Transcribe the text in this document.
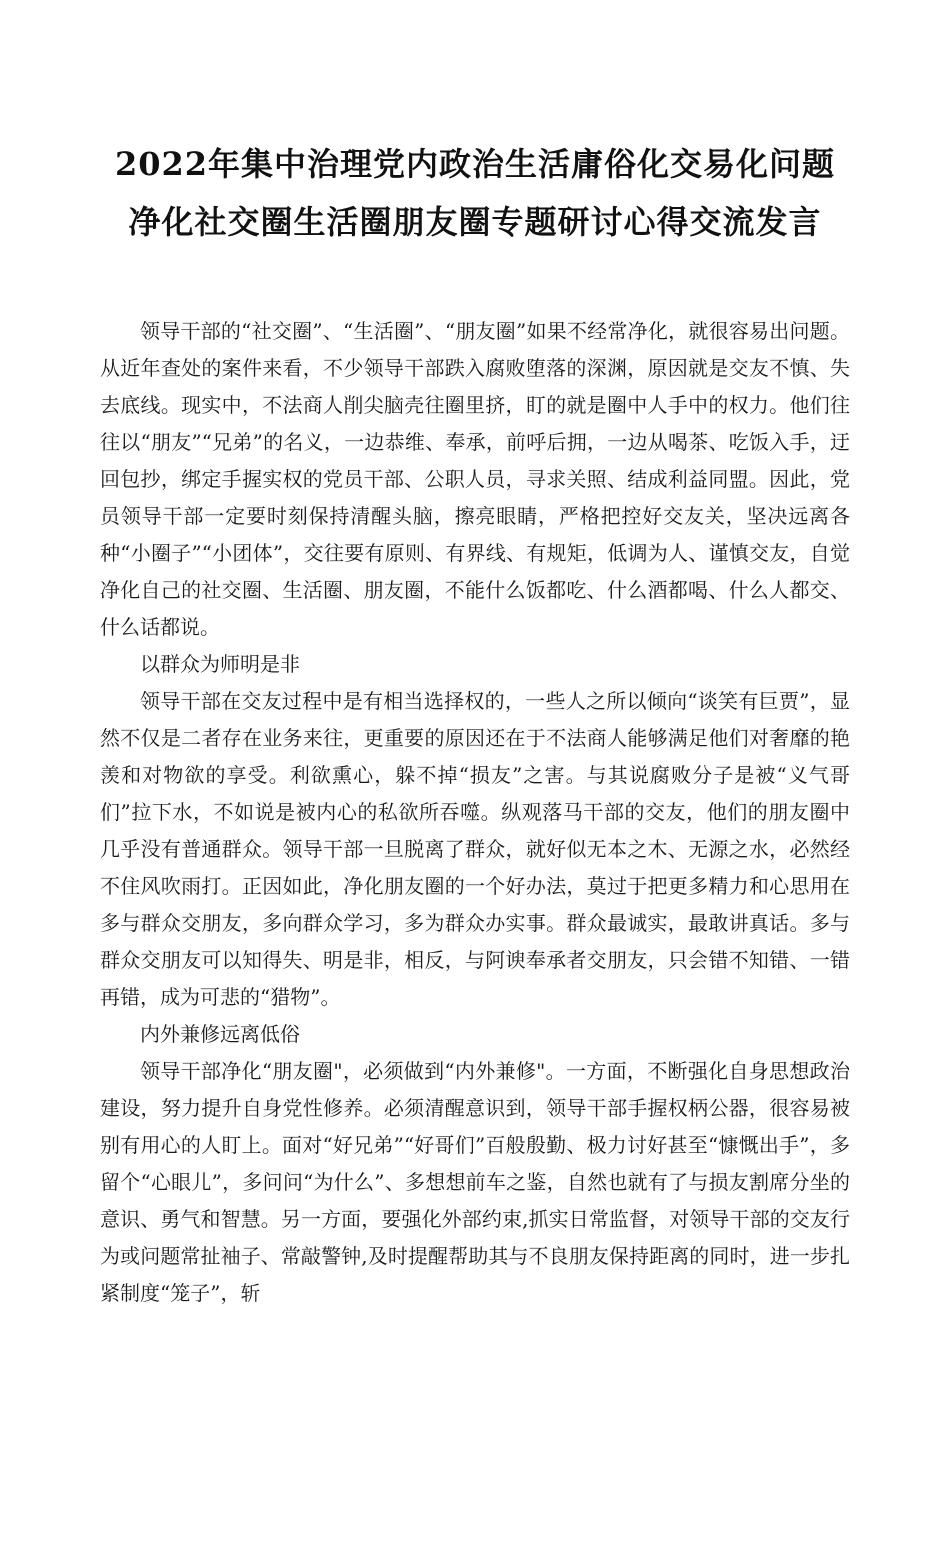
2022年集中治理党内政治生活庸俗化交易化问题
净化社交圈生活圈朋友圈专题研讨心得交流发言

领导干部的“社交圈”、“生活圈”、“朋友圈”如果不经常净化，就很容易出问题。从近年查处的案件来看，不少领导干部跌入腐败堕落的深渊，原因就是交友不慎、失去底线。现实中，不法商人削尖脑壳往圈里挤，盯的就是圈中人手中的权力。他们往往以“朋友”“兄弟”的名义，一边恭维、奉承，前呼后拥，一边从喝茶、吃饭入手，迂回包抄，绑定手握实权的党员干部、公职人员，寻求关照、结成利益同盟。因此，党员领导干部一定要时刻保持清醒头脑，擦亮眼睛，严格把控好交友关，坚决远离各种“小圈子”“小团体”，交往要有原则、有界线、有规矩，低调为人、谨慎交友，自觉净化自己的社交圈、生活圈、朋友圈，不能什么饭都吃、什么酒都喝、什么人都交、什么话都说。

以群众为师明是非

领导干部在交友过程中是有相当选择权的，一些人之所以倾向“谈笑有巨贾”，显然不仅是二者存在业务来往，更重要的原因还在于不法商人能够满足他们对奢靡的艳羡和对物欲的享受。利欲熏心，躲不掉“损友”之害。与其说腐败分子是被“义气哥们”拉下水，不如说是被内心的私欲所吞噬。纵观落马干部的交友，他们的朋友圈中几乎没有普通群众。领导干部一旦脱离了群众，就好似无本之木、无源之水，必然经不住风吹雨打。正因如此，净化朋友圈的一个好办法，莫过于把更多精力和心思用在多与群众交朋友，多向群众学习，多为群众办实事。群众最诚实，最敢讲真话。多与群众交朋友可以知得失、明是非，相反，与阿谀奉承者交朋友，只会错不知错、一错再错，成为可悲的“猎物”。

内外兼修远离低俗

领导干部净化“朋友圈"，必须做到“内外兼修"。一方面，不断强化自身思想政治建设，努力提升自身党性修养。必须清醒意识到，领导干部手握权柄公器，很容易被别有用心的人盯上。面对“好兄弟”“好哥们”百般殷勤、极力讨好甚至“慷慨出手”，多留个“心眼儿”，多问问“为什么”、多想想前车之鉴，自然也就有了与损友割席分坐的意识、勇气和智慧。另一方面，要强化外部约束,抓实日常监督，对领导干部的交友行为或问题常扯袖子、常敲警钟,及时提醒帮助其与不良朋友保持距离的同时，进一步扎紧制度“笼子”，斩
